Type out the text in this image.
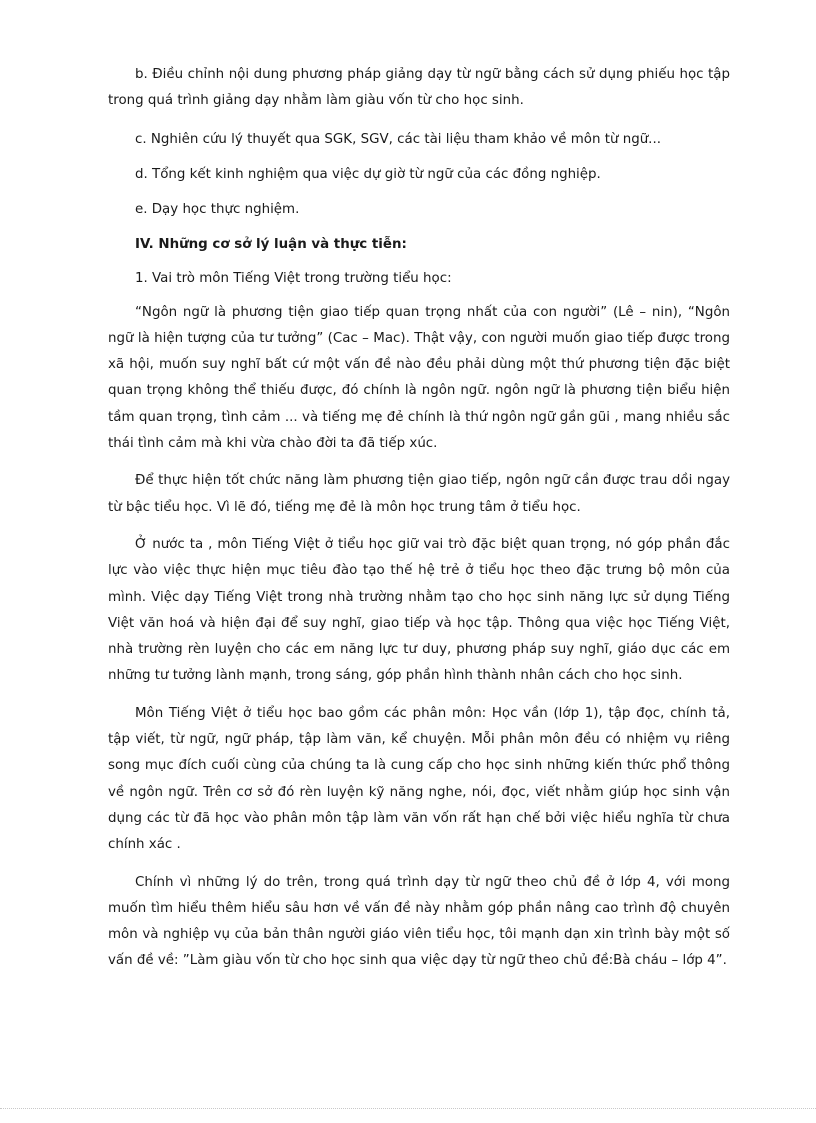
b. Điều chỉnh nội dung phương pháp giảng dạy từ ngữ bằng cách sử dụng phiếu học tập trong quá trình giảng dạy nhằm làm giàu vốn từ cho học sinh.

c. Nghiên cứu lý thuyết qua SGK, SGV, các tài liệu tham khảo về môn từ ngữ...

d. Tổng kết kinh nghiệm qua việc dự giờ từ ngữ của các đồng nghiệp.

e. Dạy học thực nghiệm.

IV. Những cơ sở lý luận và thực tiễn:

1. Vai trò môn Tiếng Việt trong trường tiểu học:

“Ngôn ngữ là phương tiện giao tiếp quan trọng nhất của con người” (Lê – nin), “Ngôn ngữ là hiện tượng của tư tưởng” (Cac – Mac). Thật vậy, con người muốn giao tiếp được trong xã hội, muốn suy nghĩ bất cứ một vấn đề nào đều phải dùng một thứ phương tiện đặc biệt quan trọng không thể thiếu được, đó chính là ngôn ngữ. ngôn ngữ là phương tiện biểu hiện tầm quan trọng, tình cảm ... và tiếng mẹ đẻ chính là thứ ngôn ngữ gần gũi , mang nhiều sắc thái tình cảm mà khi vừa chào đời ta đã tiếp xúc.

Để thực hiện tốt chức năng làm phương tiện giao tiếp, ngôn ngữ cần được trau dồi ngay từ bậc tiểu học. Vì lẽ đó, tiếng mẹ đẻ là môn học trung tâm ở tiểu học.

Ở nước ta , môn Tiếng Việt ở tiểu học giữ vai trò đặc biệt quan trọng, nó góp phần đắc lực vào việc thực hiện mục tiêu đào tạo thế hệ trẻ ở tiểu học theo đặc trưng bộ môn của mình. Việc dạy Tiếng Việt trong nhà trường nhằm tạo cho học sinh năng lực sử dụng Tiếng Việt văn hoá và hiện đại để suy nghĩ, giao tiếp và học tập. Thông qua việc học Tiếng Việt, nhà trường rèn luyện cho các em năng lực tư duy, phương pháp suy nghĩ, giáo dục các em những tư tưởng lành mạnh, trong sáng, góp phần hình thành nhân cách cho học sinh.

Môn Tiếng Việt ở tiểu học bao gồm các phân môn: Học vần (lớp 1), tập đọc, chính tả, tập viết, từ ngữ, ngữ pháp, tập làm văn, kể chuyện. Mỗi phân môn đều có nhiệm vụ riêng song mục đích cuối cùng của chúng ta là cung cấp cho học sinh những kiến thức phổ thông về ngôn ngữ. Trên cơ sở đó rèn luyện kỹ năng nghe, nói, đọc, viết nhằm giúp học sinh vận dụng các từ đã học vào phân môn tập làm văn vốn rất hạn chế bởi việc hiểu nghĩa từ chưa chính xác .

Chính vì những lý do trên, trong quá trình dạy từ ngữ theo chủ đề ở lớp 4, với mong muốn tìm hiểu thêm hiểu sâu hơn về vấn đề này nhằm góp phần nâng cao trình độ chuyên môn và nghiệp vụ của bản thân người giáo viên tiểu học, tôi mạnh dạn xin trình bày một số vấn đề về: ”Làm giàu vốn từ cho học sinh qua việc dạy từ ngữ theo chủ đề:Bà cháu – lớp 4”.
